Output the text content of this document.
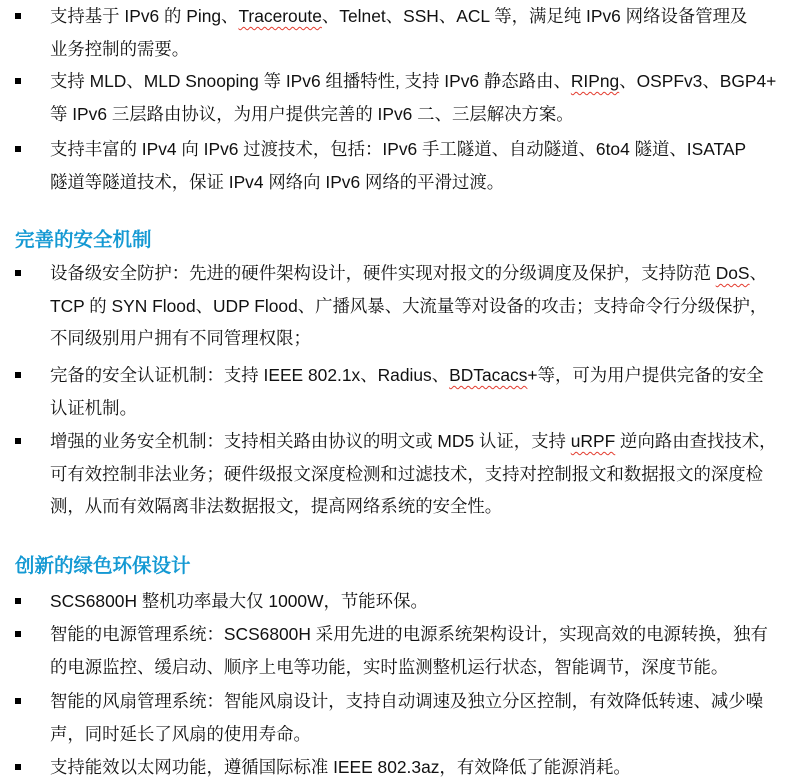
支持基于 IPv6 的 Ping、Traceroute、Telnet、SSH、ACL 等，满足纯 IPv6 网络设备管理及
业务控制的需要。
支持 MLD、MLD Snooping 等 IPv6 组播特性, 支持 IPv6 静态路由、RIPng、OSPFv3、BGP4+
等 IPv6 三层路由协议，为用户提供完善的 IPv6 二、三层解决方案。
支持丰富的 IPv4 向 IPv6 过渡技术，包括：IPv6 手工隧道、自动隧道、6to4 隧道、ISATAP
隧道等隧道技术，保证 IPv4 网络向 IPv6 网络的平滑过渡。
完善的安全机制
设备级安全防护：先进的硬件架构设计，硬件实现对报文的分级调度及保护，支持防范 DoS、
TCP 的 SYN Flood、UDP Flood、广播风暴、大流量等对设备的攻击；支持命令行分级保护，
不同级别用户拥有不同管理权限；
完备的安全认证机制：支持 IEEE 802.1x、Radius、BDTacacs+等，可为用户提供完备的安全
认证机制。
增强的业务安全机制：支持相关路由协议的明文或 MD5 认证，支持 uRPF 逆向路由查找技术，
可有效控制非法业务；硬件级报文深度检测和过滤技术，支持对控制报文和数据报文的深度检
测，从而有效隔离非法数据报文，提高网络系统的安全性。
创新的绿色环保设计
SCS6800H 整机功率最大仅 1000W，节能环保。
智能的电源管理系统：SCS6800H 采用先进的电源系统架构设计，实现高效的电源转换，独有
的电源监控、缓启动、顺序上电等功能，实时监测整机运行状态，智能调节，深度节能。
智能的风扇管理系统：智能风扇设计，支持自动调速及独立分区控制，有效降低转速、减少噪
声，同时延长了风扇的使用寿命。
支持能效以太网功能，遵循国际标准 IEEE 802.3az，有效降低了能源消耗。
